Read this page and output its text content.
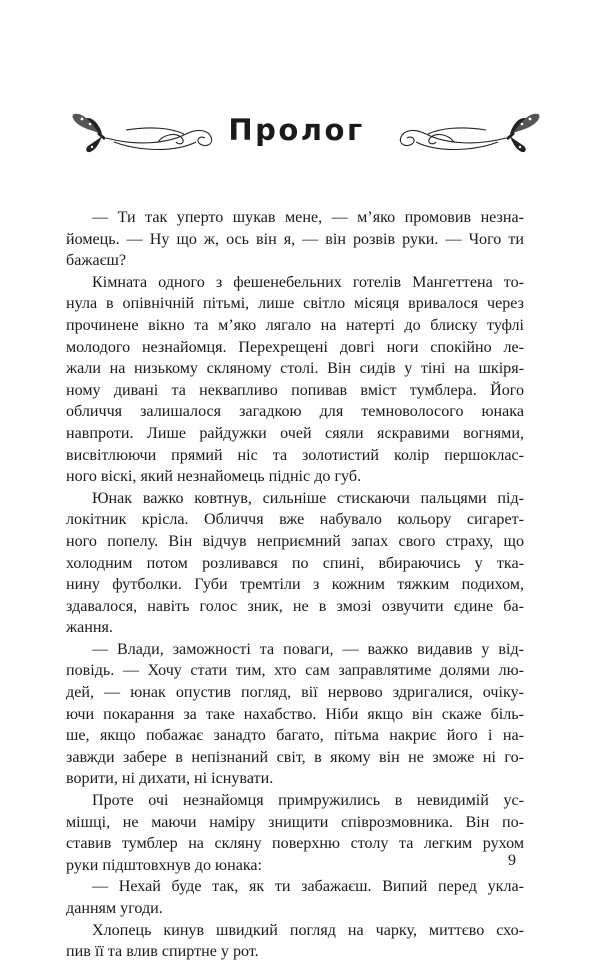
Пролог
— Ти так уперто шукав мене, — м’яко промовив незна-
йомець. — Ну що ж, ось він я, — він розвів руки. — Чого ти
бажаєш?
Кімната одного з фешенебельних готелів Мангеттена то-
нула в опівнічній пітьмі, лише світло місяця вривалося через
прочинене вікно та м’яко лягало на натерті до блиску туфлі
молодого незнайомця. Перехрещені довгі ноги спокійно ле-
жали на низькому скляному столі. Він сидів у тіні на шкіря-
ному дивані та неквапливо попивав вміст тумблера. Його
обличчя залишалося загадкою для темноволосого юнака
навпроти. Лише райдужки очей сяяли яскравими вогнями,
висвітлюючи прямий ніс та золотистий колір першоклас-
ного віскі, який незнайомець підніс до губ.
Юнак важко ковтнув, сильніше стискаючи пальцями під-
локітник крісла. Обличчя вже набувало кольору сигарет-
ного попелу. Він відчув неприємний запах свого страху, що
холодним потом розливався по спині, вбираючись у тка-
нину футболки. Губи тремтіли з кожним тяжким подихом,
здавалося, навіть голос зник, не в змозі озвучити єдине ба-
жання.
— Влади, заможності та поваги, — важко видавив у від-
повідь. — Хочу стати тим, хто сам заправлятиме долями лю-
дей, — юнак опустив погляд, вії нервово здригалися, очіку-
ючи покарання за таке нахабство. Ніби якщо він скаже біль-
ше, якщо побажає занадто багато, пітьма накриє його і на-
завжди забере в непізнаний світ, в якому він не зможе ні го-
ворити, ні дихати, ні існувати.
Проте очі незнайомця примружились в невидимій ус-
мішці, не маючи наміру знищити співрозмовника. Він по-
ставив тумблер на скляну поверхню столу та легким рухом
руки підштовхнув до юнака:
— Нехай буде так, як ти забажаєш. Випий перед укла-
данням угоди.
Хлопець кинув швидкий погляд на чарку, миттєво схо-
пив її та влив спиртне у рот.
9
